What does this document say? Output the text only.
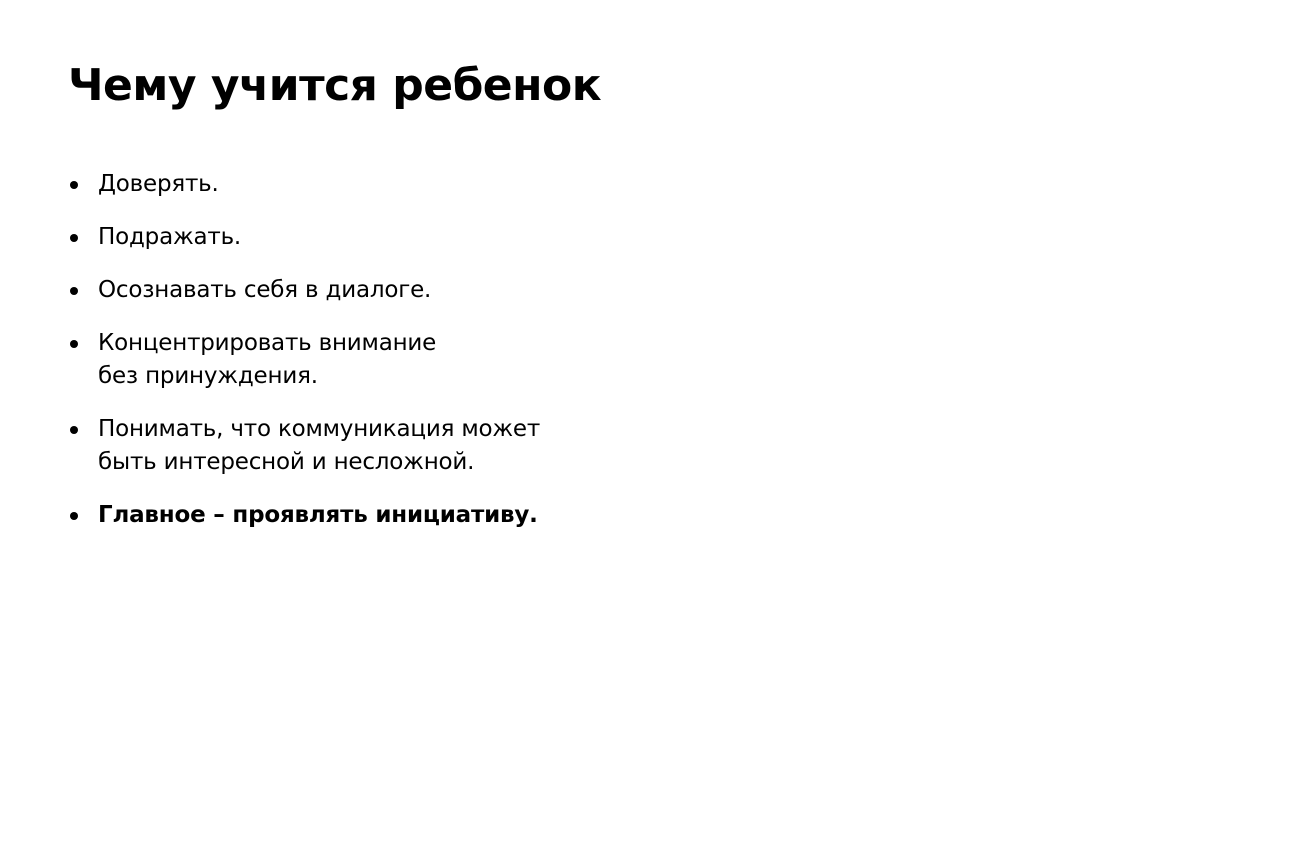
Чему учится ребенок
Доверять.
Подражать.
Осознавать себя в диалоге.
Концентрировать внимание
без принуждения.
Понимать, что коммуникация может
быть интересной и несложной.
Главное – проявлять инициативу.
